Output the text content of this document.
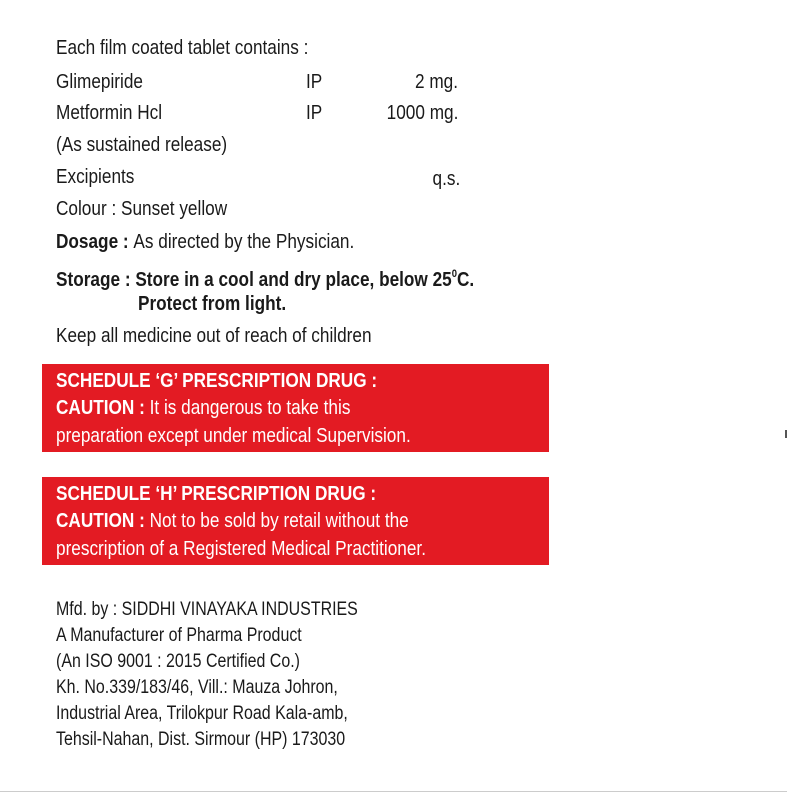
Each film coated tablet contains :
Glimepiride	IP	2 mg.
Metformin Hcl	IP	1000 mg.
(As sustained release)
Excipients	q.s.
Colour : Sunset yellow
Dosage : As directed by the Physician.
Storage : Store in a cool and dry place, below $25^0C$.
Protect from light.
Keep all medicine out of reach of children
SCHEDULE ‘G’ PRESCRIPTION DRUG :
CAUTION : It is dangerous to take this
preparation except under medical Supervision.
SCHEDULE ‘H’ PRESCRIPTION DRUG :
CAUTION : Not to be sold by retail without the
prescription of a Registered Medical Practitioner.
Mfd. by : SIDDHI VINAYAKA INDUSTRIES
A Manufacturer of Pharma Product
(An ISO 9001 : 2015 Certified Co.)
Kh. No.339/183/46, Vill.: Mauza Johron,
Industrial Area, Trilokpur Road Kala-amb,
Tehsil-Nahan, Dist. Sirmour (HP) 173030
